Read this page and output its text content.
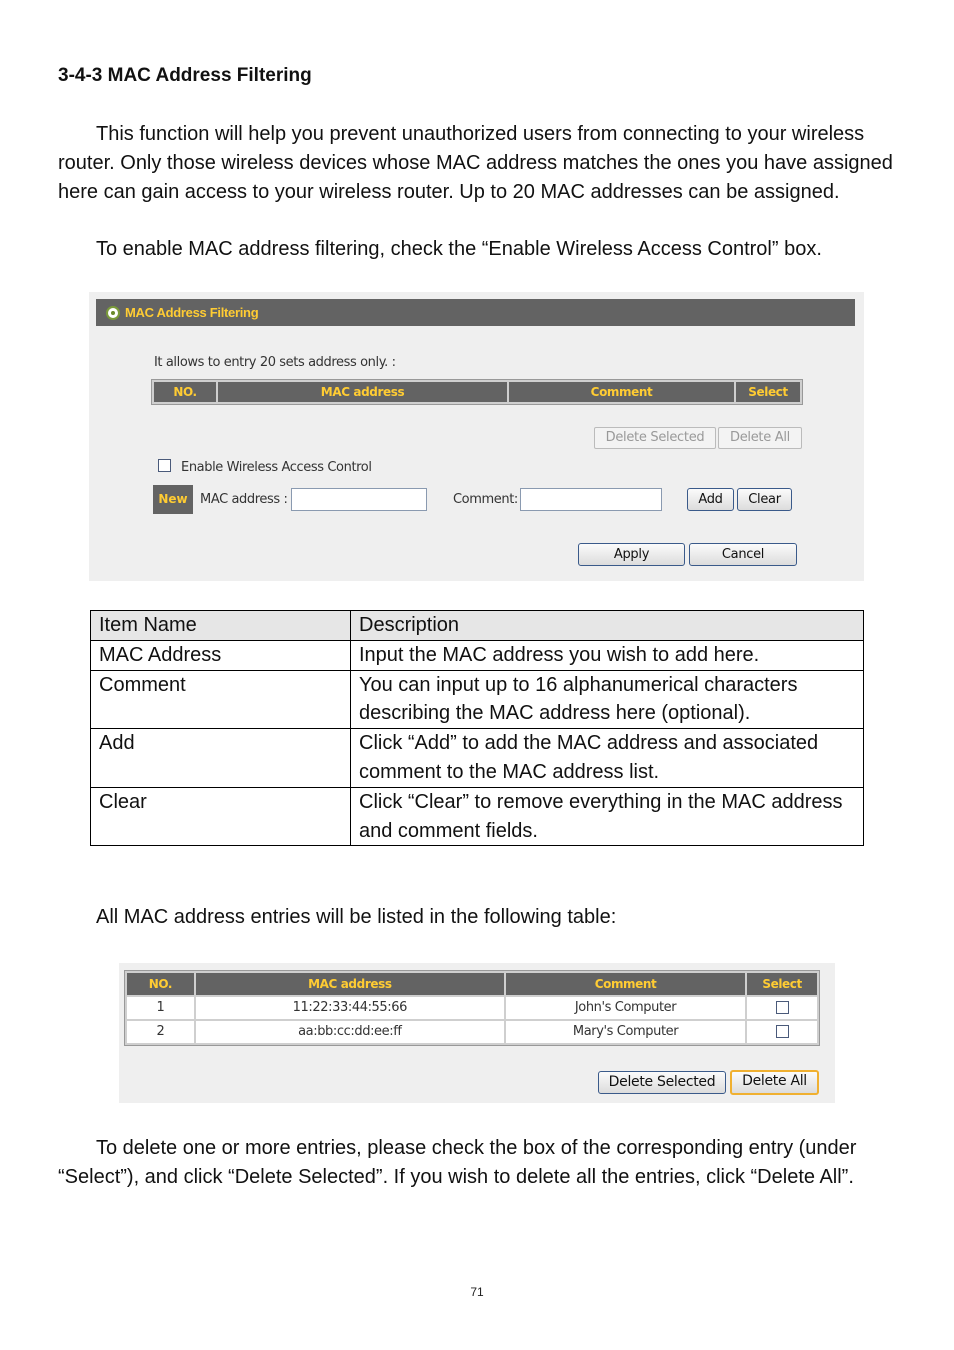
3-4-3 MAC Address Filtering

This function will help you prevent unauthorized users from connecting to your wireless router. Only those wireless devices whose MAC address matches the ones you have assigned here can gain access to your wireless router. Up to 20 MAC addresses can be assigned.

To enable MAC address filtering, check the “Enable Wireless Access Control” box.

MAC Address Filtering
It allows to entry 20 sets address only. :
NO.	MAC address	Comment	Select
Delete Selected	Delete All
Enable Wireless Access Control
New MAC address :	Comment:	Add	Clear
Apply	Cancel
Item Name	Description
MAC Address	Input the MAC address you wish to add here.
Comment	You can input up to 16 alphanumerical characters describing the MAC address here (optional).
Add	Click “Add” to add the MAC address and associated comment to the MAC address list.
Clear	Click “Clear” to remove everything in the MAC address and comment fields.

All MAC address entries will be listed in the following table:

NO.	MAC address	Comment	Select
1	11:22:33:44:55:66	John's Computer
2	aa:bb:cc:dd:ee:ff	Mary's Computer
Delete Selected	Delete All

To delete one or more entries, please check the box of the corresponding entry (under “Select”), and click “Delete Selected”. If you wish to delete all the entries, click “Delete All”.

71
